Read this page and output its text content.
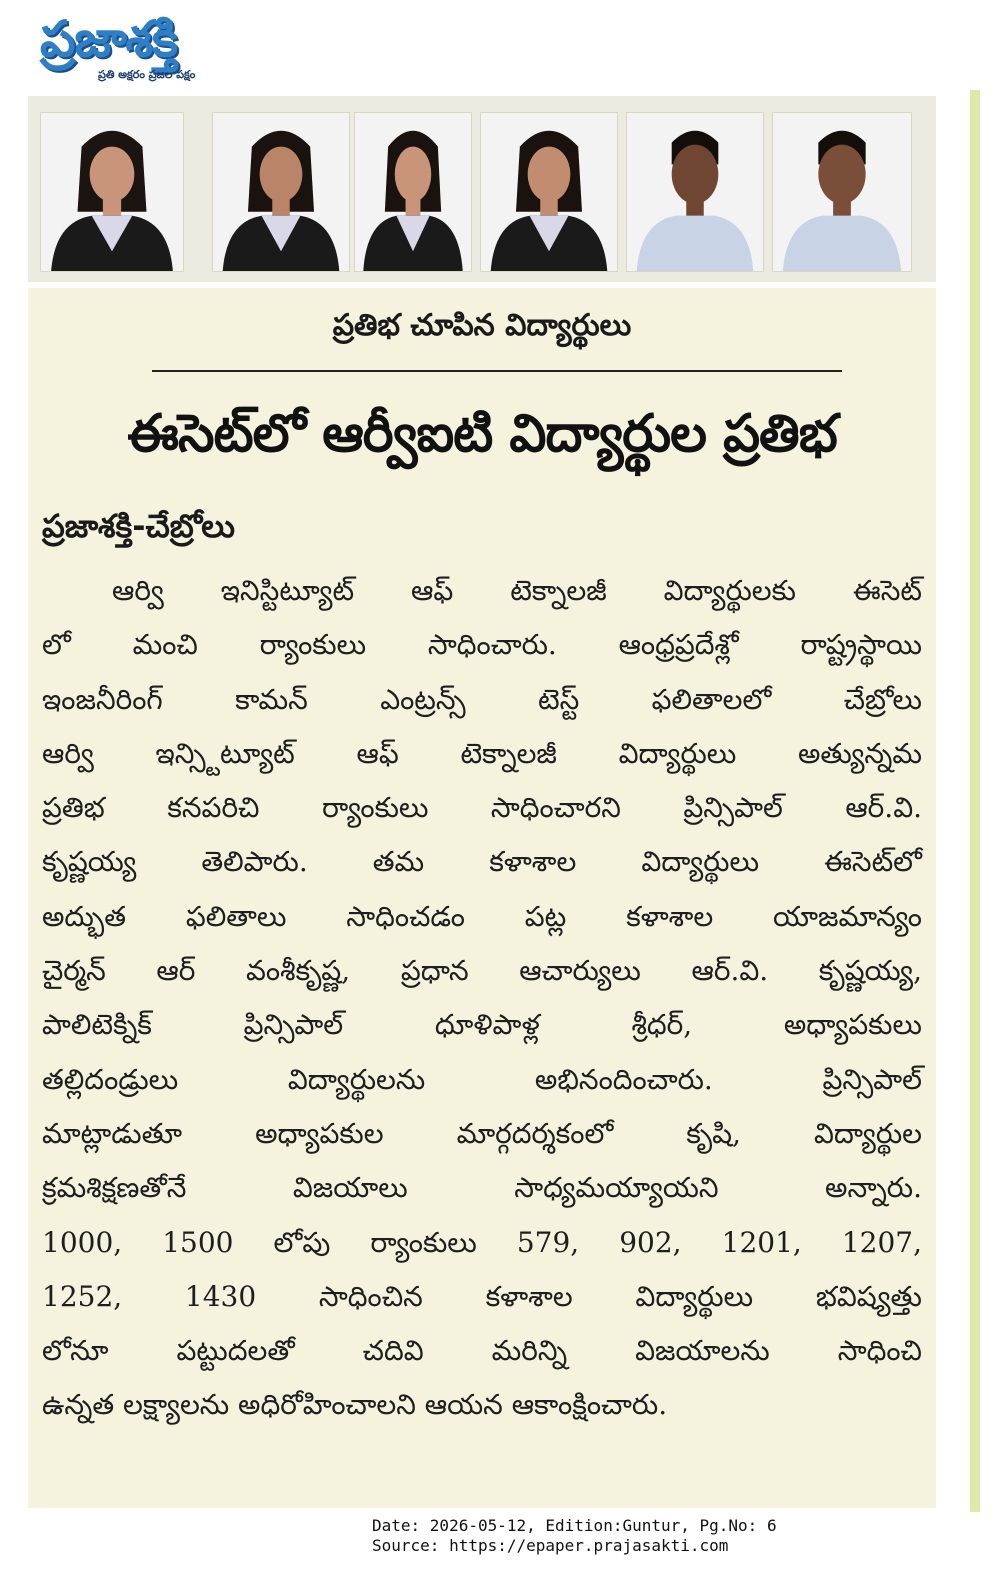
ప్రజాశక్తి
ప్రతి అక్షరం ప్రజల పక్షం
ప్రతిభ చూపిన విద్యార్థులు
ఈసెట్‌లో ఆర్వీఐటి విద్యార్థుల ప్రతిభ
ప్రజాశక్తి-చేబ్రోలు
ఆర్వి ఇనిస్టిట్యూట్ ఆఫ్ టెక్నాలజీ విద్యార్థులకు ఈసెట్
లో మంచి ర్యాంకులు సాధించారు. ఆంధ్రప్రదేశ్లో రాష్ట్రస్థాయి
ఇంజనీరింగ్ కామన్ ఎంట్రన్స్ టెస్ట్ ఫలితాలలో చేబ్రోలు
ఆర్వి ఇన్స్టిట్యూట్ ఆఫ్ టెక్నాలజీ విద్యార్థులు అత్యున్నమ
ప్రతిభ కనపరిచి ర్యాంకులు సాధించారని ప్రిన్సిపాల్ ఆర్.వి.
కృష్ణయ్య తెలిపారు. తమ కళాశాల విద్యార్థులు ఈసెట్‌లో
అద్భుత ఫలితాలు సాధించడం పట్ల కళాశాల యాజమాన్యం
చైర్మన్ ఆర్ వంశీకృష్ణ, ప్రధాన ఆచార్యులు ఆర్.వి. కృష్ణయ్య,
పాలిటెక్నిక్ ప్రిన్సిపాల్ ధూళిపాళ్ల శ్రీధర్, అధ్యాపకులు
తల్లిదండ్రులు విద్యార్థులను అభినందించారు. ప్రిన్సిపాల్
మాట్లాడుతూ అధ్యాపకుల మార్గదర్శకంలో కృషి, విద్యార్థుల
క్రమశిక్షణతోనే విజయాలు సాధ్యమయ్యాయని అన్నారు.
1000, 1500 లోపు ర్యాంకులు 579, 902, 1201, 1207,
1252, 1430 సాధించిన కళాశాల విద్యార్థులు భవిష్యత్తు
లోనూ పట్టుదలతో చదివి మరిన్ని విజయాలను సాధించి
ఉన్నత లక్ష్యాలను అధిరోహించాలని ఆయన ఆకాంక్షించారు.
Date: 2026-05-12, Edition:Guntur, Pg.No: 6
Source: https://epaper.prajasakti.com
